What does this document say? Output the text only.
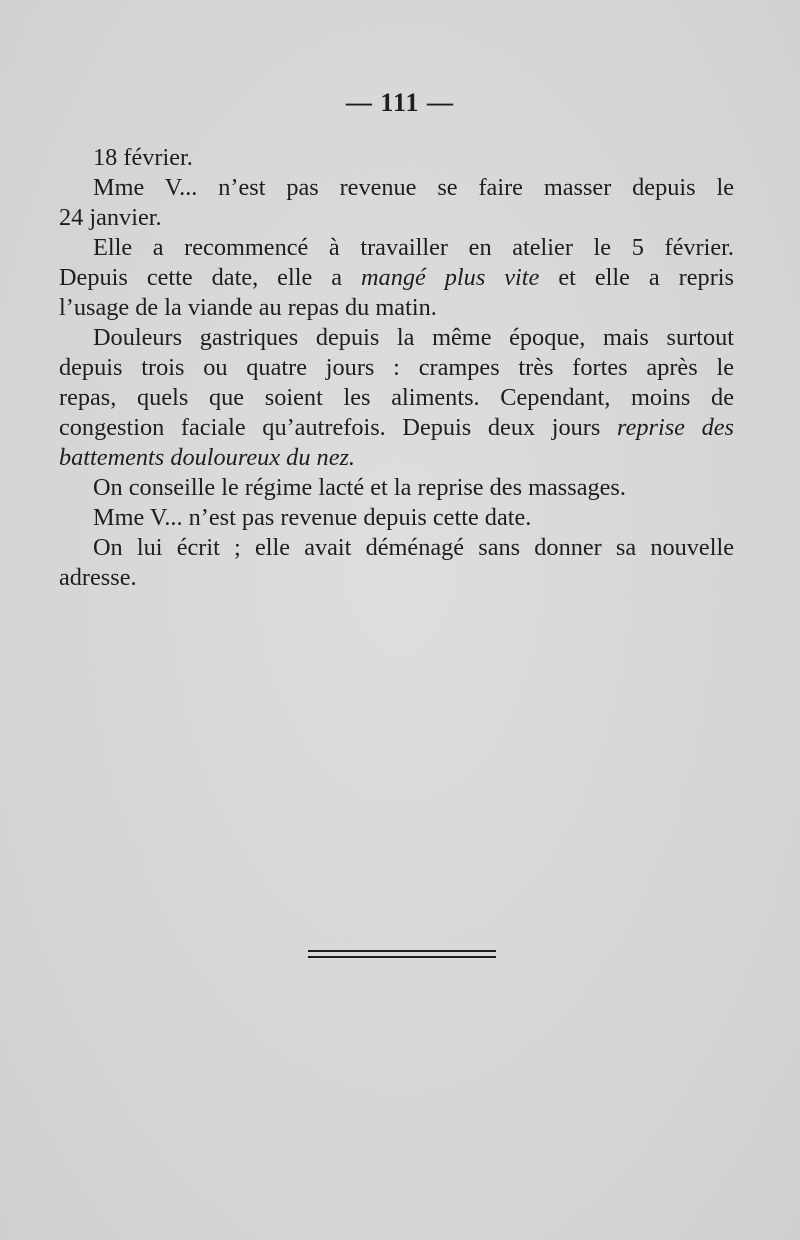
— 111 —
18 février.
Mme V... n’est pas revenue se faire masser depuis le
24 janvier.
Elle a recommencé à travailler en atelier le 5 février.
Depuis cette date, elle a mangé plus vite et elle a repris
l’usage de la viande au repas du matin.
Douleurs gastriques depuis la même époque, mais surtout
depuis trois ou quatre jours : crampes très fortes après le
repas, quels que soient les aliments. Cependant, moins de
congestion faciale qu’autrefois. Depuis deux jours reprise des
battements douloureux du nez.
On conseille le régime lacté et la reprise des massages.
Mme V... n’est pas revenue depuis cette date.
On lui écrit ; elle avait déménagé sans donner sa nouvelle
adresse.
